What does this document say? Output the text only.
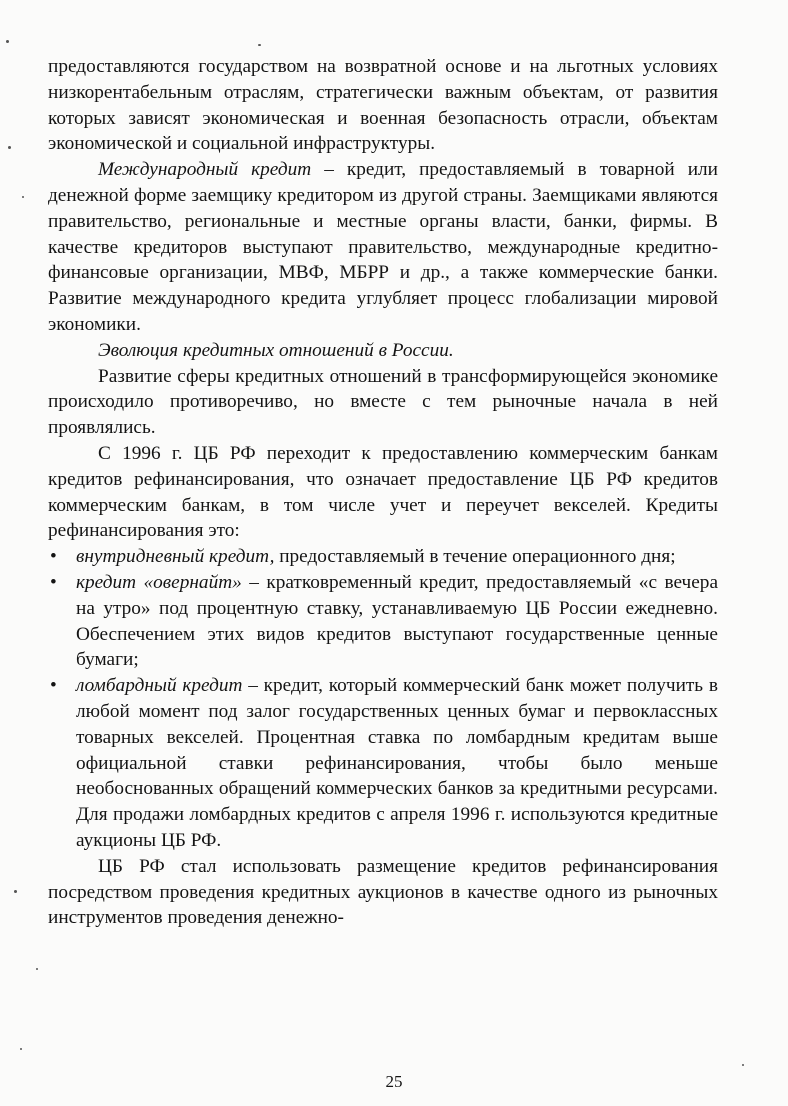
предоставляются государством на возвратной основе и на льготных условиях низкорентабельным отраслям, стратегически важным объектам, от развития которых зависят экономическая и военная безопасность отрасли, объектам экономической и социальной инфраструктуры.

Международный кредит – кредит, предоставляемый в товарной или денежной форме заемщику кредитором из другой страны. Заемщиками являются правительство, региональные и местные органы власти, банки, фирмы. В качестве кредиторов выступают правительство, международные кредитно-финансовые организации, МВФ, МБРР и др., а также коммерческие банки. Развитие международного кредита углубляет процесс глобализации мировой экономики.

Эволюция кредитных отношений в России.

Развитие сферы кредитных отношений в трансформирующейся экономике происходило противоречиво, но вместе с тем рыночные начала в ней проявлялись.

С 1996 г. ЦБ РФ переходит к предоставлению коммерческим банкам кредитов рефинансирования, что означает предоставление ЦБ РФ кредитов коммерческим банкам, в том числе учет и переучет векселей. Кредиты рефинансирования это:

• внутридневный кредит, предоставляемый в течение операционного дня;
• кредит «овернайт» – кратковременный кредит, предоставляемый «с вечера на утро» под процентную ставку, устанавливаемую ЦБ России ежедневно. Обеспечением этих видов кредитов выступают государственные ценные бумаги;
• ломбардный кредит – кредит, который коммерческий банк может получить в любой момент под залог государственных ценных бумаг и первоклассных товарных векселей. Процентная ставка по ломбардным кредитам выше официальной ставки рефинансирования, чтобы было меньше необоснованных обращений коммерческих банков за кредитными ресурсами. Для продажи ломбардных кредитов с апреля 1996 г. используются кредитные аукционы ЦБ РФ.

ЦБ РФ стал использовать размещение кредитов рефинансирования посредством проведения кредитных аукционов в качестве одного из рыночных инструментов проведения денежно-

25
